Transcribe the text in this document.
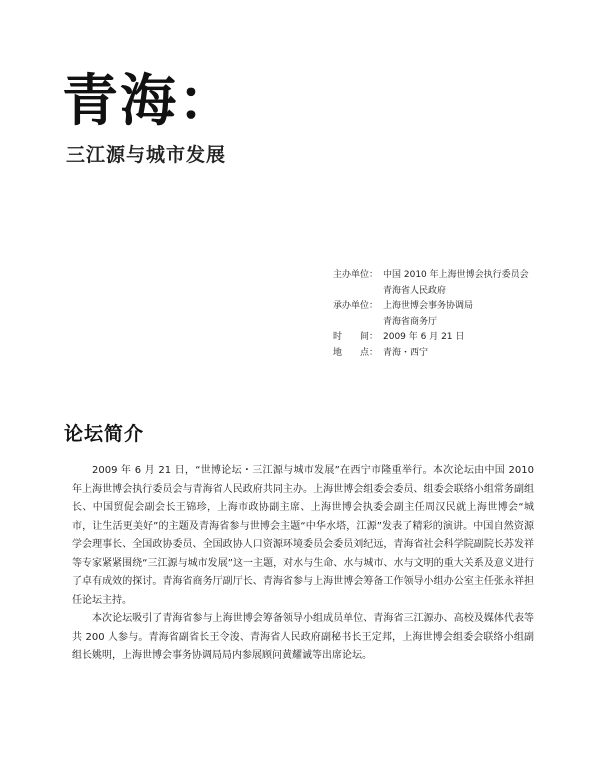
青海：
三江源与城市发展
主办单位： 中国 2010 年上海世博会执行委员会
青海省人民政府
承办单位： 上海世博会事务协调局
青海省商务厅
时　　间： 2009 年 6 月 21 日
地　　点： 青海・西宁
论坛简介

2009 年 6 月 21 日，“世博论坛・三江源与城市发展”在西宁市隆重举行。本次论坛由中国 2010 年上海世博会执行委员会与青海省人民政府共同主办。上海世博会组委会委员、组委会联络小组常务副组长、中国贸促会副会长王锦珍，上海市政协副主席、上海世博会执委会副主任周汉民就上海世博会“城市，让生活更美好”的主题及青海省参与世博会主题“中华水塔，江源”发表了精彩的演讲。中国自然资源学会理事长、全国政协委员、全国政协人口资源环境委员会委员刘纪远，青海省社会科学院副院长苏发祥等专家紧紧围绕“三江源与城市发展”这一主题，对水与生命、水与城市、水与文明的重大关系及意义进行了卓有成效的探讨。青海省商务厅副厅长、青海省参与上海世博会筹备工作领导小组办公室主任张永祥担任论坛主持。

本次论坛吸引了青海省参与上海世博会筹备领导小组成员单位、青海省三江源办、高校及媒体代表等共 200 人参与。青海省副省长王令浚、青海省人民政府副秘书长王定邦，上海世博会组委会联络小组副组长姚明，上海世博会事务协调局局内参展顾问黄耀诚等出席论坛。
